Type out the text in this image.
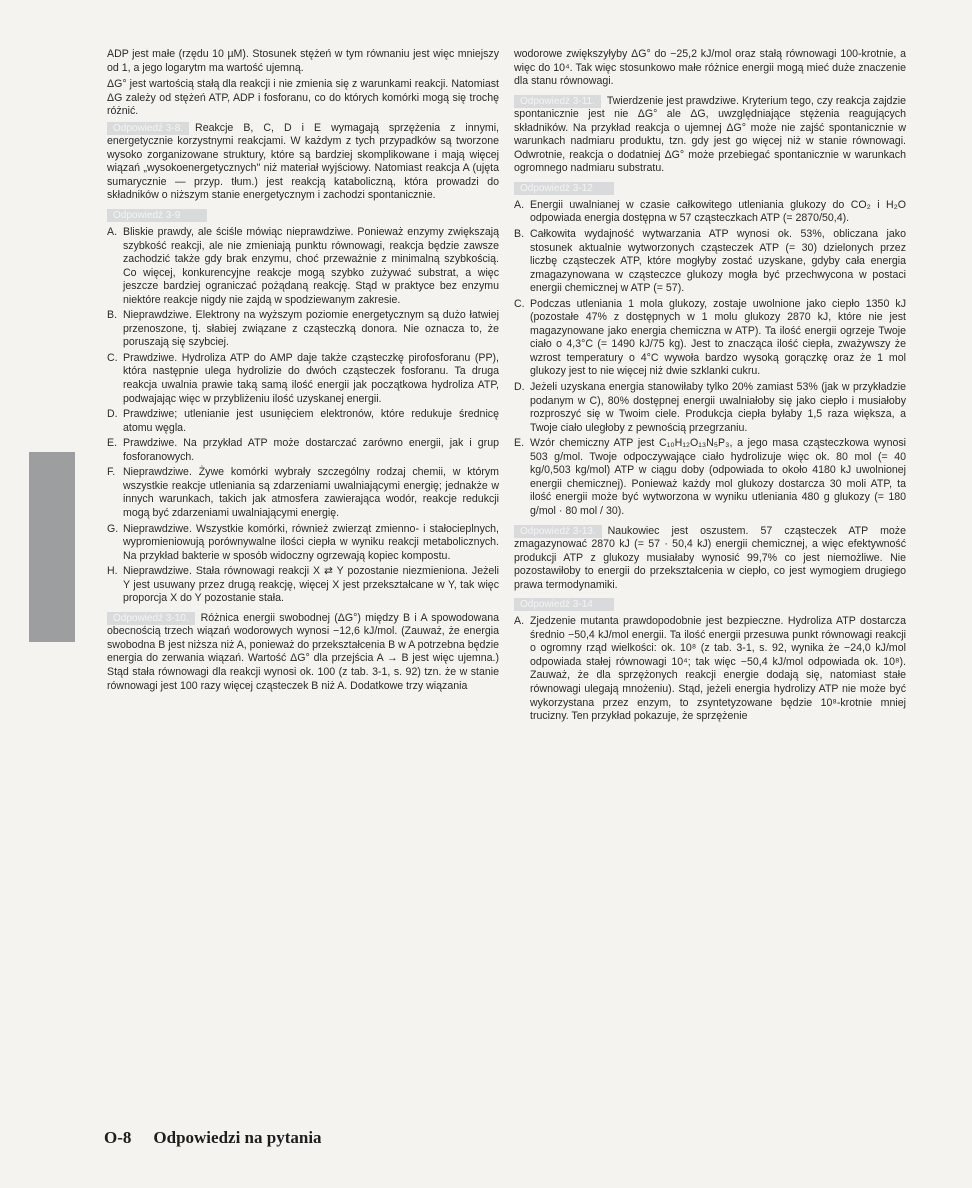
ADP jest małe (rzędu 10 µM). Stosunek stężeń w tym równaniu jest więc mniejszy od 1, a jego logarytm ma wartość ujemną.

ΔG° jest wartością stałą dla reakcji i nie zmienia się z warunkami reakcji. Natomiast ΔG zależy od stężeń ATP, ADP i fosforanu, co do których komórki mogą się trochę różnić.

Odpowiedź 3-8. Reakcje B, C, D i E wymagają sprzężenia z innymi, energetycznie korzystnymi reakcjami. W każdym z tych przypadków są tworzone wysoko zorganizowane struktury, które są bardziej skomplikowane i mają więcej wiązań „wysokoenergetycznych" niż materiał wyjściowy. Natomiast reakcja A (ujęta sumarycznie — przyp. tłum.) jest reakcją kataboliczną, która prowadzi do składników o niższym stanie energetycznym i zachodzi spontanicznie.

Odpowiedź 3-9
A. Bliskie prawdy, ale ściśle mówiąc nieprawdziwe. Ponieważ enzymy zwiększają szybkość reakcji, ale nie zmieniają punktu równowagi, reakcja będzie zawsze zachodzić także gdy brak enzymu, choć przeważnie z minimalną szybkością. Co więcej, konkurencyjne reakcje mogą szybko zużywać substrat, a więc jeszcze bardziej ograniczać pożądaną reakcję. Stąd w praktyce bez enzymu niektóre reakcje nigdy nie zajdą w spodziewanym zakresie.
B. Nieprawdziwe. Elektrony na wyższym poziomie energetycznym są dużo łatwiej przenoszone, tj. słabiej związane z cząsteczką donora. Nie oznacza to, że poruszają się szybciej.
C. Prawdziwe. Hydroliza ATP do AMP daje także cząsteczkę pirofosforanu (PP), która następnie ulega hydrolizie do dwóch cząsteczek fosforanu. Ta druga reakcja uwalnia prawie taką samą ilość energii jak początkowa hydroliza ATP, podwajając więc w przybliżeniu ilość uzyskanej energii.
D. Prawdziwe; utlenianie jest usunięciem elektronów, które redukuje średnicę atomu węgla.
E. Prawdziwe. Na przykład ATP może dostarczać zarówno energii, jak i grup fosforanowych.
F. Nieprawdziwe. Żywe komórki wybrały szczególny rodzaj chemii, w którym wszystkie reakcje utleniania są zdarzeniami uwalniającymi energię; jednakże w innych warunkach, takich jak atmosfera zawierająca wodór, reakcje redukcji mogą być zdarzeniami uwalniającymi energię.
G. Nieprawdziwe. Wszystkie komórki, również zwierząt zmienno- i stałocieplnych, wypromieniowują porównywalne ilości ciepła w wyniku reakcji metabolicznych. Na przykład bakterie w sposób widoczny ogrzewają kopiec kompostu.
H. Nieprawdziwe. Stała równowagi reakcji X ⇄ Y pozostanie niezmieniona. Jeżeli Y jest usuwany przez drugą reakcję, więcej X jest przekształcane w Y, tak więc proporcja X do Y pozostanie stała.

Odpowiedź 3-10. Różnica energii swobodnej (ΔG°) między B i A spowodowana obecnością trzech wiązań wodorowych wynosi −12,6 kJ/mol. (Zauważ, że energia swobodna B jest niższa niż A, ponieważ do przekształcenia B w A potrzebna będzie energia do zerwania wiązań. Wartość ΔG° dla przejścia A → B jest więc ujemna.) Stąd stała równowagi dla reakcji wynosi ok. 100 (z tab. 3-1, s. 92) tzn. że w stanie równowagi jest 100 razy więcej cząsteczek B niż A. Dodatkowe trzy wiązania

wodorowe zwiększyłyby ΔG° do −25,2 kJ/mol oraz stałą równowagi 100-krotnie, a więc do 10⁴. Tak więc stosunkowo małe różnice energii mogą mieć duże znaczenie dla stanu równowagi.

Odpowiedź 3-11. Twierdzenie jest prawdziwe. Kryterium tego, czy reakcja zajdzie spontanicznie jest nie ΔG° ale ΔG, uwzględniające stężenia reagujących składników. Na przykład reakcja o ujemnej ΔG° może nie zajść spontanicznie w warunkach nadmiaru produktu, tzn. gdy jest go więcej niż w stanie równowagi. Odwrotnie, reakcja o dodatniej ΔG° może przebiegać spontanicznie w warunkach ogromnego nadmiaru substratu.

Odpowiedź 3-12
A. Energii uwalnianej w czasie całkowitego utleniania glukozy do CO₂ i H₂O odpowiada energia dostępna w 57 cząsteczkach ATP (= 2870/50,4).
B. Całkowita wydajność wytwarzania ATP wynosi ok. 53%, obliczana jako stosunek aktualnie wytworzonych cząsteczek ATP (= 30) dzielonych przez liczbę cząsteczek ATP, które mogłyby zostać uzyskane, gdyby cała energia zmagazynowana w cząsteczce glukozy mogła być przechwycona w postaci energii chemicznej w ATP (= 57).
C. Podczas utleniania 1 mola glukozy, zostaje uwolnione jako ciepło 1350 kJ (pozostałe 47% z dostępnych w 1 molu glukozy 2870 kJ, które nie jest magazynowane jako energia chemiczna w ATP). Ta ilość energii ogrzeje Twoje ciało o 4,3°C (= 1490 kJ/75 kg). Jest to znacząca ilość ciepła, zważywszy że wzrost temperatury o 4°C wywoła bardzo wysoką gorączkę oraz że 1 mol glukozy jest to nie więcej niż dwie szklanki cukru.
D. Jeżeli uzyskana energia stanowiłaby tylko 20% zamiast 53% (jak w przykładzie podanym w C), 80% dostępnej energii uwalniałoby się jako ciepło i musiałoby rozproszyć się w Twoim ciele. Produkcja ciepła byłaby 1,5 raza większa, a Twoje ciało uległoby z pewnością przegrzaniu.
E. Wzór chemiczny ATP jest C₁₀H₁₂O₁₃N₅P₃, a jego masa cząsteczkowa wynosi 503 g/mol. Twoje odpoczywające ciało hydrolizuje więc ok. 80 mol (= 40 kg/0,503 kg/mol) ATP w ciągu doby (odpowiada to około 4180 kJ uwolnionej energii chemicznej). Ponieważ każdy mol glukozy dostarcza 30 moli ATP, ta ilość energii może być wytworzona w wyniku utleniania 480 g glukozy (= 180 g/mol · 80 mol / 30).

Odpowiedź 3-13. Naukowiec jest oszustem. 57 cząsteczek ATP może zmagazynować 2870 kJ (= 57 · 50,4 kJ) energii chemicznej, a więc efektywność produkcji ATP z glukozy musiałaby wynosić 99,7% co jest niemożliwe. Nie pozostawiłoby to energii do przekształcenia w ciepło, co jest wymogiem drugiego prawa termodynamiki.

Odpowiedź 3-14
A. Zjedzenie mutanta prawdopodobnie jest bezpieczne. Hydroliza ATP dostarcza średnio −50,4 kJ/mol energii. Ta ilość energii przesuwa punkt równowagi reakcji o ogromny rząd wielkości: ok. 10⁸ (z tab. 3-1, s. 92, wynika że −24,0 kJ/mol odpowiada stałej równowagi 10⁴; tak więc −50,4 kJ/mol odpowiada ok. 10⁸). Zauważ, że dla sprzężonych reakcji energie dodają się, natomiast stałe równowagi ulegają mnożeniu). Stąd, jeżeli energia hydrolizy ATP nie może być wykorzystana przez enzym, to zsyntetyzowane będzie 10⁸-krotnie mniej trucizny. Ten przykład pokazuje, że sprzężenie
O-8 Odpowiedzi na pytania
